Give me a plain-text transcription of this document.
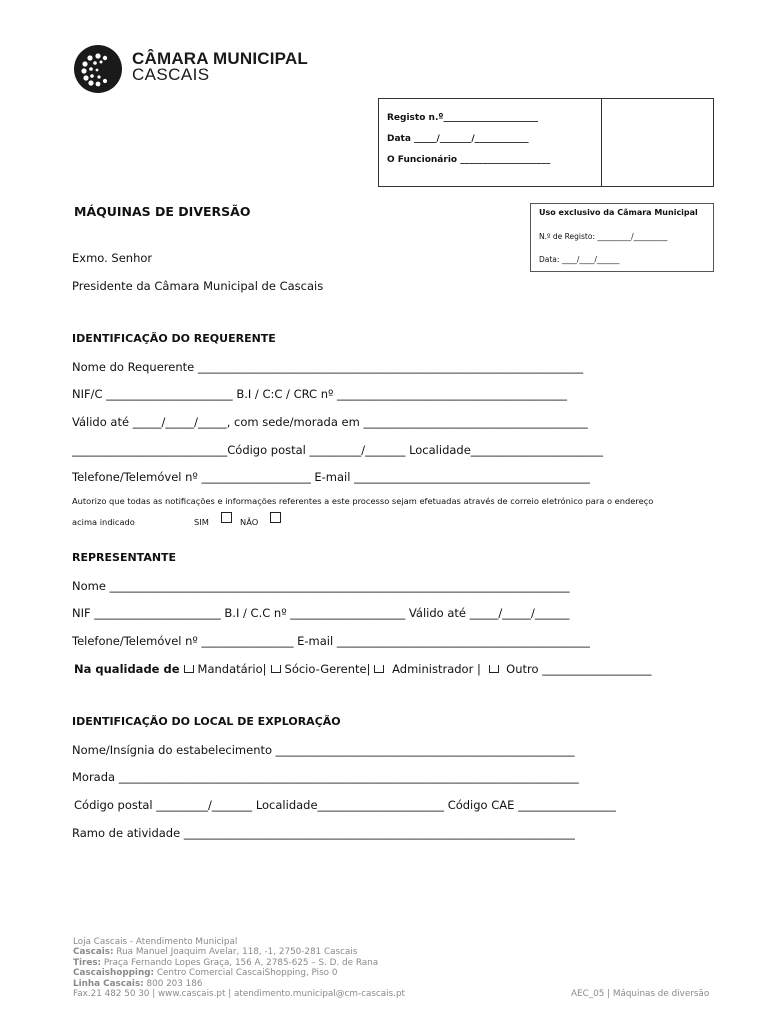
CÂMARA MUNICIPAL
CASCAIS
Registo n.º_____________________
Data _____/_______/____________
O Funcionário ____________________
MÁQUINAS DE DIVERSÃO	Uso exclusivo da Câmara Municipal
N.º de Registo: _________/_________
Data: ____/____/______
Exmo. Senhor
Presidente da Câmara Municipal de Cascais
IDENTIFICAÇÃO DO REQUERENTE
Nome do Requerente ___________________________________________________________________
NIF/C ______________________ B.I / C:C / CRC nº ________________________________________
Válido até _____/_____/_____, com sede/morada em _______________________________________
___________________________Código postal _________/_______ Localidade_______________________
Telefone/Telemóvel nº ___________________ E-mail _________________________________________
Autorizo que todas as notificações e informações referentes a este processo sejam efetuadas através de correio eletrónico para o endereço
acima indicado	SIM	NÃO
REPRESENTANTE
Nome ________________________________________________________________________________
NIF ______________________ B.I / C.C nº ____________________ Válido até _____/_____/______
Telefone/Telemóvel nº ________________ E-mail ____________________________________________
Na qualidade de Mandatário| Sócio-Gerente| Administrador | Outro ___________________
IDENTIFICAÇÃO DO LOCAL DE EXPLORAÇÃO
Nome/Insígnia do estabelecimento ____________________________________________________
Morada ________________________________________________________________________________
Código postal _________/_______ Localidade______________________ Código CAE _________________
Ramo de atividade ____________________________________________________________________
Loja Cascais - Atendimento Municipal
Cascais: Rua Manuel Joaquim Avelar, 118, -1, 2750-281 Cascais
Tires: Praça Fernando Lopes Graça, 156 A, 2785-625 – S. D. de Rana
Cascaishopping: Centro Comercial CascaiShopping, Piso 0
Linha Cascais: 800 203 186
Fax.21 482 50 30 | www.cascais.pt | atendimento.municipal@cm-cascais.pt	AEC_05 | Máquinas de diversão
